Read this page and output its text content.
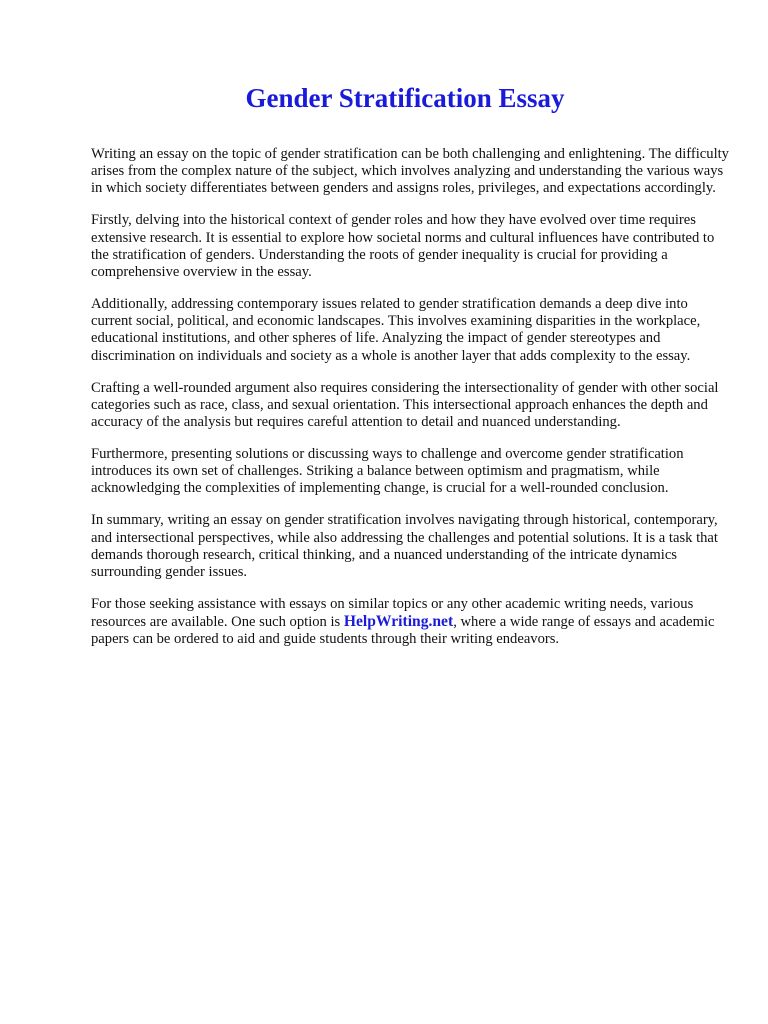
Gender Stratification Essay

Writing an essay on the topic of gender stratification can be both challenging and enlightening. The difficulty arises from the complex nature of the subject, which involves analyzing and understanding the various ways in which society differentiates between genders and assigns roles, privileges, and expectations accordingly.

Firstly, delving into the historical context of gender roles and how they have evolved over time requires extensive research. It is essential to explore how societal norms and cultural influences have contributed to the stratification of genders. Understanding the roots of gender inequality is crucial for providing a comprehensive overview in the essay.

Additionally, addressing contemporary issues related to gender stratification demands a deep dive into current social, political, and economic landscapes. This involves examining disparities in the workplace, educational institutions, and other spheres of life. Analyzing the impact of gender stereotypes and discrimination on individuals and society as a whole is another layer that adds complexity to the essay.

Crafting a well-rounded argument also requires considering the intersectionality of gender with other social categories such as race, class, and sexual orientation. This intersectional approach enhances the depth and accuracy of the analysis but requires careful attention to detail and nuanced understanding.

Furthermore, presenting solutions or discussing ways to challenge and overcome gender stratification introduces its own set of challenges. Striking a balance between optimism and pragmatism, while acknowledging the complexities of implementing change, is crucial for a well-rounded conclusion.

In summary, writing an essay on gender stratification involves navigating through historical, contemporary, and intersectional perspectives, while also addressing the challenges and potential solutions. It is a task that demands thorough research, critical thinking, and a nuanced understanding of the intricate dynamics surrounding gender issues.

For those seeking assistance with essays on similar topics or any other academic writing needs, various resources are available. One such option is HelpWriting.net, where a wide range of essays and academic papers can be ordered to aid and guide students through their writing endeavors.
